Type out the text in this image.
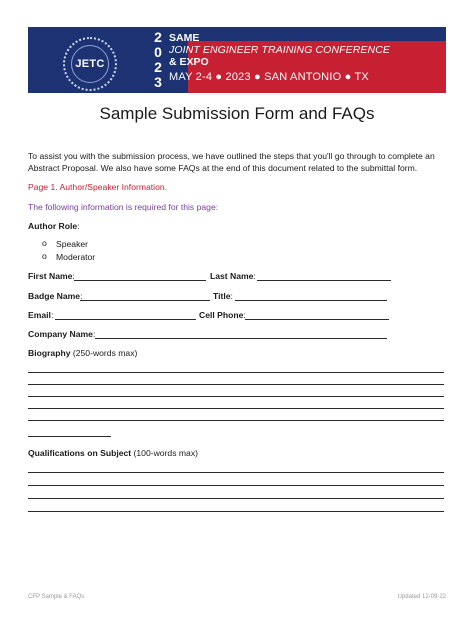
JETC
2
0
2
3
SAME
JOINT ENGINEER TRAINING CONFERENCE
& EXPO
MAY 2-4 ● 2023 ● SAN ANTONIO ● TX
Sample Submission Form and FAQs
To assist you with the submission process, we have outlined the steps that you'll go through to complete an Abstract Proposal. We also have some FAQs at the end of this document related to the submittal form.
Page 1. Author/Speaker Information.
The following information is required for this page:
Author Role:
o Speaker
o Moderator
First Name:	Last Name:
Badge Name:	Title:
Email:	Cell Phone:
Company Name:
Biography (250-words max)
Qualifications on Subject (100-words max)
CFP Sample & FAQs	Updated 12-09-22
